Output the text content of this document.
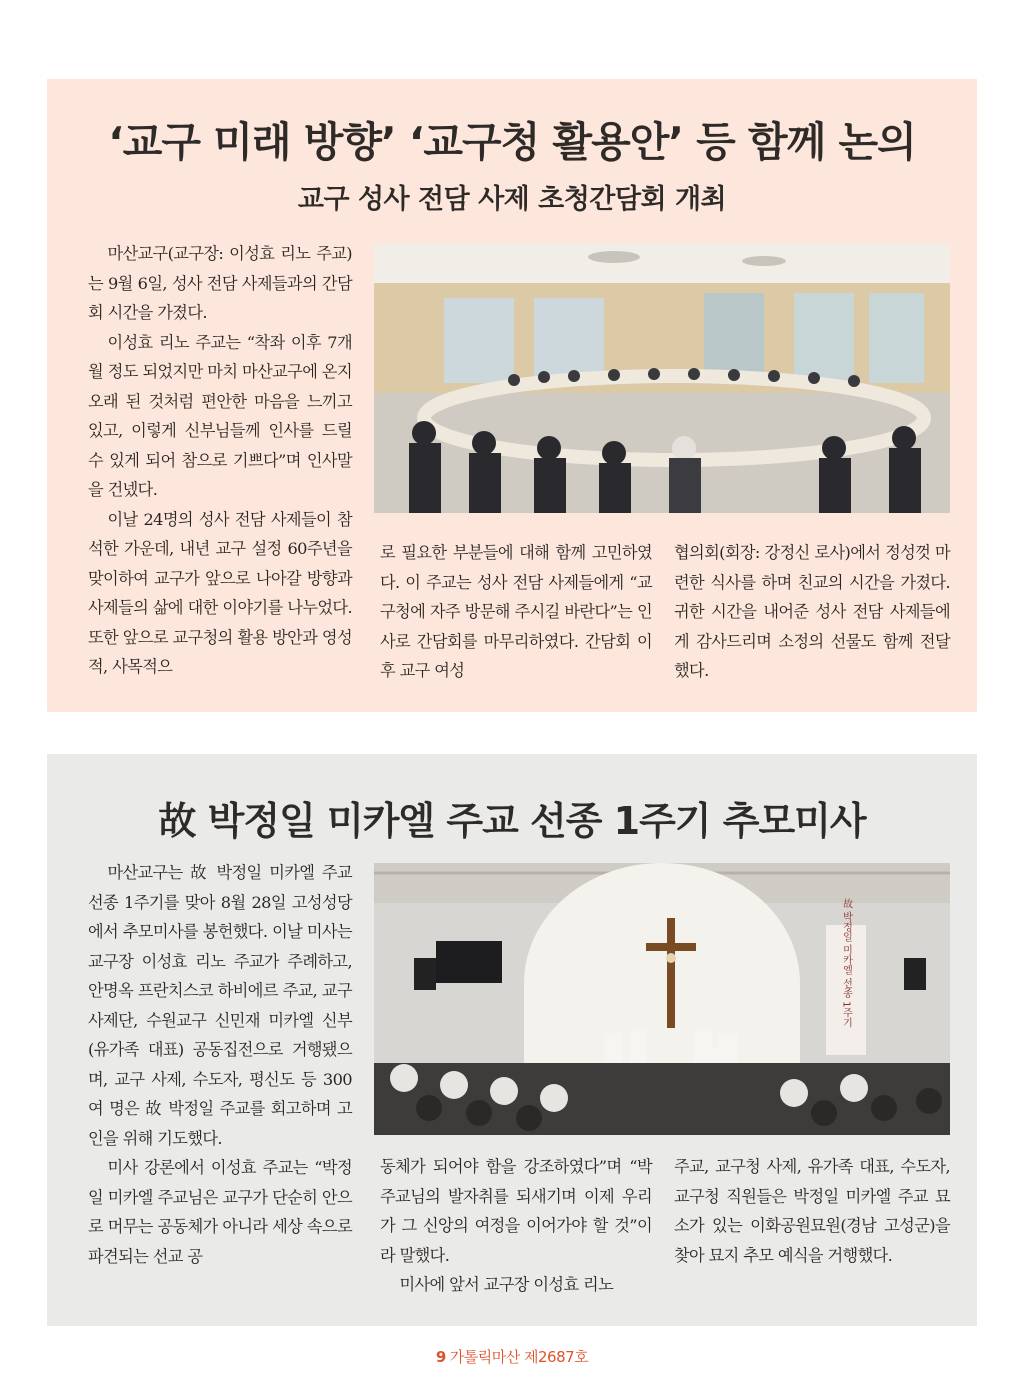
‘교구 미래 방향’ ‘교구청 활용안’ 등 함께 논의
교구 성사 전담 사제 초청간담회 개최

마산교구(교구장: 이성효 리노 주교)는 9월 6일, 성사 전담 사제들과의 간담회 시간을 가졌다.

이성효 리노 주교는 “착좌 이후 7개월 정도 되었지만 마치 마산교구에 온지 오래 된 것처럼 편안한 마음을 느끼고 있고, 이렇게 신부님들께 인사를 드릴 수 있게 되어 참으로 기쁘다”며 인사말을 건넸다.

이날 24명의 성사 전담 사제들이 참석한 가운데, 내년 교구 설정 60주년을 맞이하여 교구가 앞으로 나아갈 방향과 사제들의 삶에 대한 이야기를 나누었다. 또한 앞으로 교구청의 활용 방안과 영성적, 사목적으

로 필요한 부분들에 대해 함께 고민하였다. 이 주교는 성사 전담 사제들에게 “교구청에 자주 방문해 주시길 바란다”는 인사로 간담회를 마무리하였다. 간담회 이후 교구 여성

협의회(회장: 강정신 로사)에서 정성껏 마련한 식사를 하며 친교의 시간을 가졌다. 귀한 시간을 내어준 성사 전담 사제들에게 감사드리며 소정의 선물도 함께 전달했다.

故 박정일 미카엘 주교 선종 1주기 추모미사

마산교구는 故 박정일 미카엘 주교 선종 1주기를 맞아 8월 28일 고성성당에서 추모미사를 봉헌했다. 이날 미사는 교구장 이성효 리노 주교가 주례하고, 안명옥 프란치스코 하비에르 주교, 교구 사제단, 수원교구 신민재 미카엘 신부(유가족 대표) 공동집전으로 거행됐으며, 교구 사제, 수도자, 평신도 등 300여 명은 故 박정일 주교를 회고하며 고인을 위해 기도했다.

미사 강론에서 이성효 주교는 “박정일 미카엘 주교님은 교구가 단순히 안으로 머무는 공동체가 아니라 세상 속으로 파견되는 선교 공

故 박정일 미카엘 선종 1주기

동체가 되어야 함을 강조하였다”며 “박 주교님의 발자취를 되새기며 이제 우리가 그 신앙의 여정을 이어가야 할 것”이라 말했다.

미사에 앞서 교구장 이성효 리노

주교, 교구청 사제, 유가족 대표, 수도자, 교구청 직원들은 박정일 미카엘 주교 묘소가 있는 이화공원묘원(경남 고성군)을 찾아 묘지 추모 예식을 거행했다.

9 가톨릭마산 제2687호
